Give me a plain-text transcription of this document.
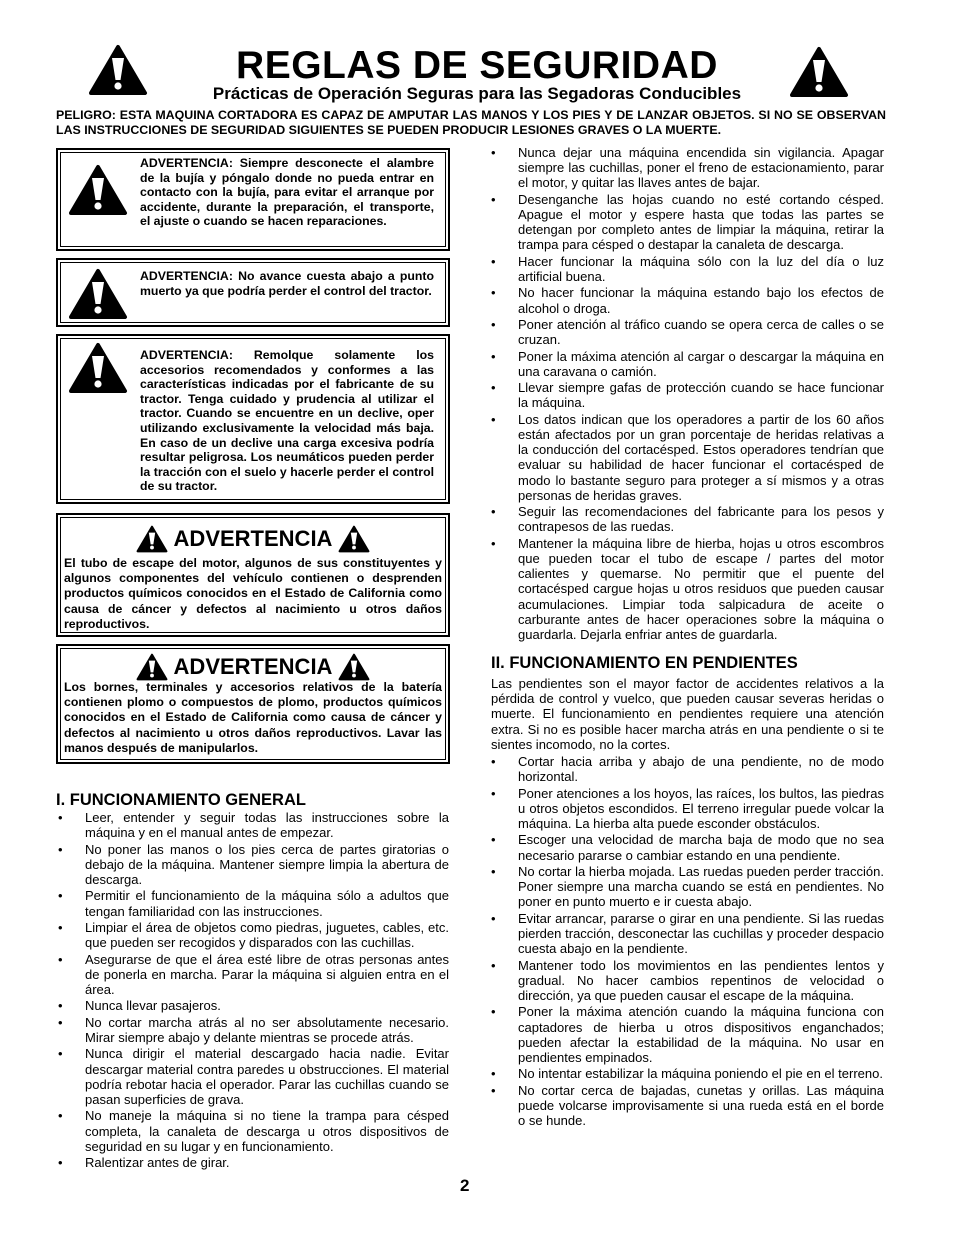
REGLAS DE SEGURIDAD
Prácticas de Operación Seguras para las Segadoras Conducibles
PELIGRO: ESTA MAQUINA CORTADORA ES CAPAZ DE AMPUTAR LAS MANOS Y LOS PIES Y DE LANZAR OBJETOS. SI NO SE OBSERVAN LAS INSTRUCCIONES DE SEGURIDAD SIGUIENTES SE PUEDEN PRODUCIR LESIONES GRAVES O LA MUERTE.
ADVERTENCIA: Siempre desconecte el alambre de la bujía y póngalo donde no pueda entrar en contacto con la bujía, para evitar el arranque por accidente, durante la preparación, el transporte, el ajuste o cuando se hacen reparaciones.
ADVERTENCIA: No avance cuesta abajo a punto muerto ya que podría perder el control del tractor.
ADVERTENCIA: Remolque solamente los accesorios recomendados y conformes a las características indicadas por el fabricante de su tractor. Tenga cuidado y prudencia al utilizar el tractor. Cuando se encuentre en un declive, oper utilizando exclusivamente la velocidad más baja. En caso de un declive una carga excesiva podría resultar peligrosa. Los neumáticos pueden perder la tracción con el suelo y hacerle perder el control de su tractor.
ADVERTENCIA
El tubo de escape del motor, algunos de sus constituyentes y algunos componentes del vehículo contienen o desprenden productos químicos conocidos en el Estado de California como causa de cáncer y defectos al nacimiento u otros daños reproductivos.
ADVERTENCIA
Los bornes, terminales y accesorios relativos de la batería contienen plomo o compuestos de plomo, productos químicos conocidos en el Estado de California como causa de cáncer y defectos al nacimiento u otros daños reproductivos. Lavar las manos después de manipularlos.
I. FUNCIONAMIENTO GENERAL
•	Leer, entender y seguir todas las instrucciones sobre la máquina y en el manual antes de empezar.
•	No poner las manos o los pies cerca de partes giratorias o debajo de la máquina. Mantener siempre limpia la abertura de descarga.
•	Permitir el funcionamiento de la máquina sólo a adultos que tengan familiaridad con las instrucciones.
•	Limpiar el área de objetos como piedras, juguetes, cables, etc. que pueden ser recogidos y disparados con las cuchillas.
•	Asegurarse de que el área esté libre de otras personas antes de ponerla en marcha. Parar la máquina si alguien entra en el área.
•	Nunca llevar pasajeros.
•	No cortar marcha atrás al no ser absolutamente necesario. Mirar siempre abajo y delante mientras se procede atrás.
•	Nunca dirigir el material descargado hacia nadie. Evitar descargar material contra paredes u obstrucciones. El material podría rebotar hacia el operador. Parar las cuchillas cuando se pasan superficies de grava.
•	No maneje la máquina si no tiene la trampa para césped completa, la canaleta de descarga u otros dispositivos de seguridad en su lugar y en funcionamiento.
•	Ralentizar antes de girar.
•	Nunca dejar una máquina encendida sin vigilancia. Apagar siempre las cuchillas, poner el freno de estacionamiento, parar el motor, y quitar las llaves antes de bajar.
•	Desenganche las hojas cuando no esté cortando césped. Apague el motor y espere hasta que todas las partes se detengan por completo antes de limpiar la máquina, retirar la trampa para césped o destapar la canaleta de descarga.
•	Hacer funcionar la máquina sólo con la luz del día o luz artificial buena.
•	No hacer funcionar la máquina estando bajo los efectos de alcohol o droga.
•	Poner atención al tráfico cuando se opera cerca de calles o se cruzan.
•	Poner la máxima atención al cargar o descargar la máquina en una caravana o camión.
•	Llevar siempre gafas de protección cuando se hace funcionar la máquina.
•	Los datos indican que los operadores a partir de los 60 años están afectados por un gran porcentaje de heridas relativas a la conducción del cortacésped. Estos operadores tendrían que evaluar su habilidad de hacer funcionar el cortacésped de modo lo bastante seguro para proteger a sí mismos y a otras personas de heridas graves.
•	Seguir las recomendaciones del fabricante para los pesos y contrapesos de las ruedas.
•	Mantener la máquina libre de hierba, hojas u otros escombros que pueden tocar el tubo de escape / partes del motor calientes y quemarse. No permitir que el puente del cortacésped cargue hojas u otros residuos que pueden causar acumulaciones. Limpiar toda salpicadura de aceite o carburante antes de hacer operaciones sobre la máquina o guardarla. Dejarla enfriar antes de guardarla.
II. FUNCIONAMIENTO EN PENDIENTES
Las pendientes son el mayor factor de accidentes relativos a la pérdida de control y vuelco, que pueden causar severas heridas o muerte. El funcionamiento en pendientes requiere una atención extra. Si no es posible hacer marcha atrás en una pendiente o si te sientes incomodo, no la cortes.
•	Cortar hacia arriba y abajo de una pendiente, no de modo horizontal.
•	Poner atenciones a los hoyos, las raíces, los bultos, las piedras u otros objetos escondidos. El terreno irregular puede volcar la máquina. La hierba alta puede esconder obstáculos.
•	Escoger una velocidad de marcha baja de modo que no sea necesario pararse o cambiar estando en una pendiente.
•	No cortar la hierba mojada. Las ruedas pueden perder tracción. Poner siempre una marcha cuando se está en pendientes. No poner en punto muerto e ir cuesta abajo.
•	Evitar arrancar, pararse o girar en una pendiente. Si las ruedas pierden tracción, desconectar las cuchillas y proceder despacio cuesta abajo en la pendiente.
•	Mantener todo los movimientos en las pendientes lentos y gradual. No hacer cambios repentinos de velocidad o dirección, ya que pueden causar el escape de la máquina.
•	Poner la máxima atención cuando la máquina funciona con captadores de hierba u otros dispositivos enganchados; pueden afectar la estabilidad de la máquina. No usar en pendientes empinados.
•	No intentar estabilizar la máquina poniendo el pie en el terreno.
•	No cortar cerca de bajadas, cunetas y orillas. Las máquina puede volcarse improvisamente si una rueda está en el borde o se hunde.
2
